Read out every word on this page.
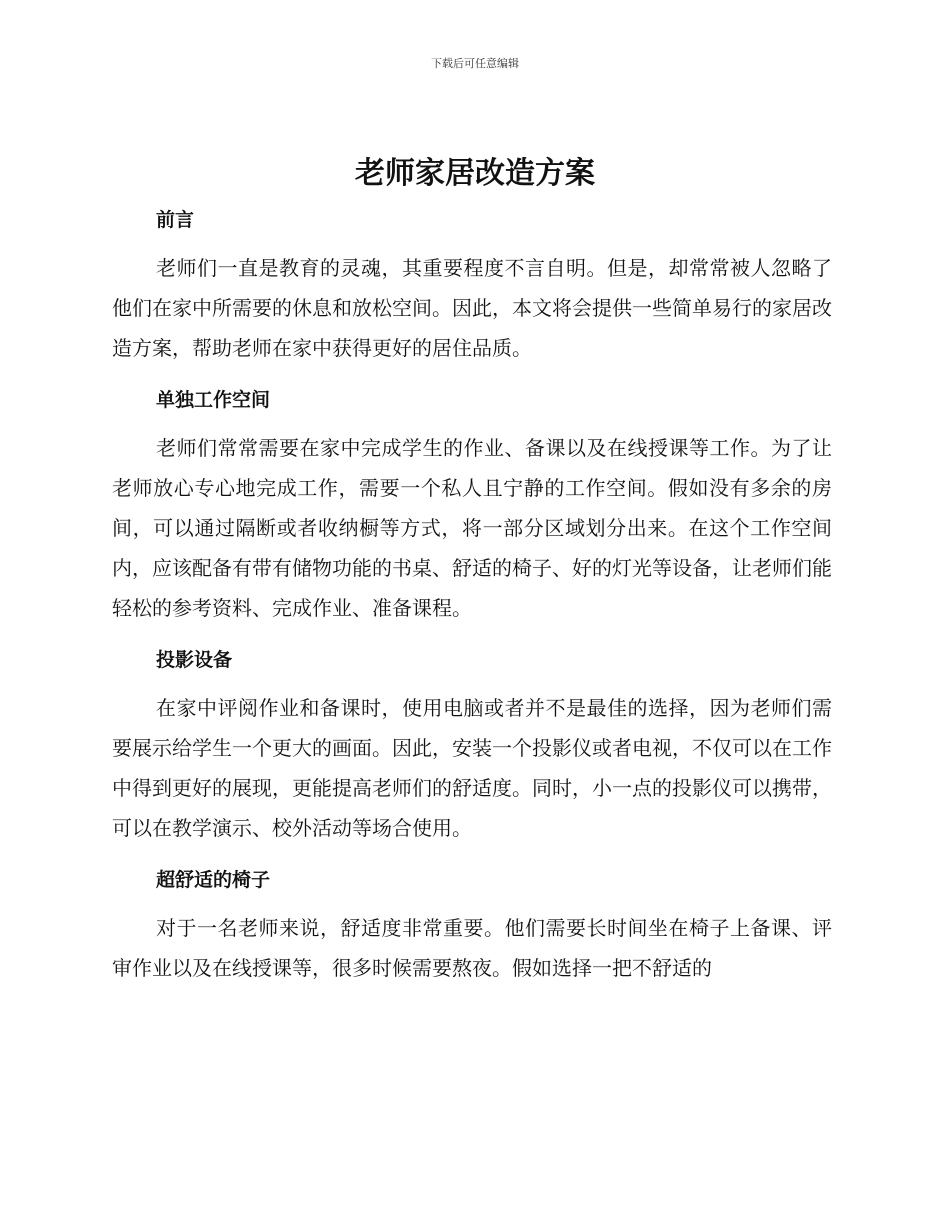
下载后可任意编辑
老师家居改造方案
前言
老师们一直是教育的灵魂，其重要程度不言自明。但是，却常常被人忽略了他们在家中所需要的休息和放松空间。因此，本文将会提供一些简单易行的家居改造方案，帮助老师在家中获得更好的居住品质。
单独工作空间
老师们常常需要在家中完成学生的作业、备课以及在线授课等工作。为了让老师放心专心地完成工作，需要一个私人且宁静的工作空间。假如没有多余的房间，可以通过隔断或者收纳橱等方式，将一部分区域划分出来。在这个工作空间内，应该配备有带有储物功能的书桌、舒适的椅子、好的灯光等设备，让老师们能轻松的参考资料、完成作业、准备课程。
投影设备
在家中评阅作业和备课时，使用电脑或者并不是最佳的选择，因为老师们需要展示给学生一个更大的画面。因此，安装一个投影仪或者电视，不仅可以在工作中得到更好的展现，更能提高老师们的舒适度。同时，小一点的投影仪可以携带，可以在教学演示、校外活动等场合使用。
超舒适的椅子
对于一名老师来说，舒适度非常重要。他们需要长时间坐在椅子上备课、评审作业以及在线授课等，很多时候需要熬夜。假如选择一把不舒适的
